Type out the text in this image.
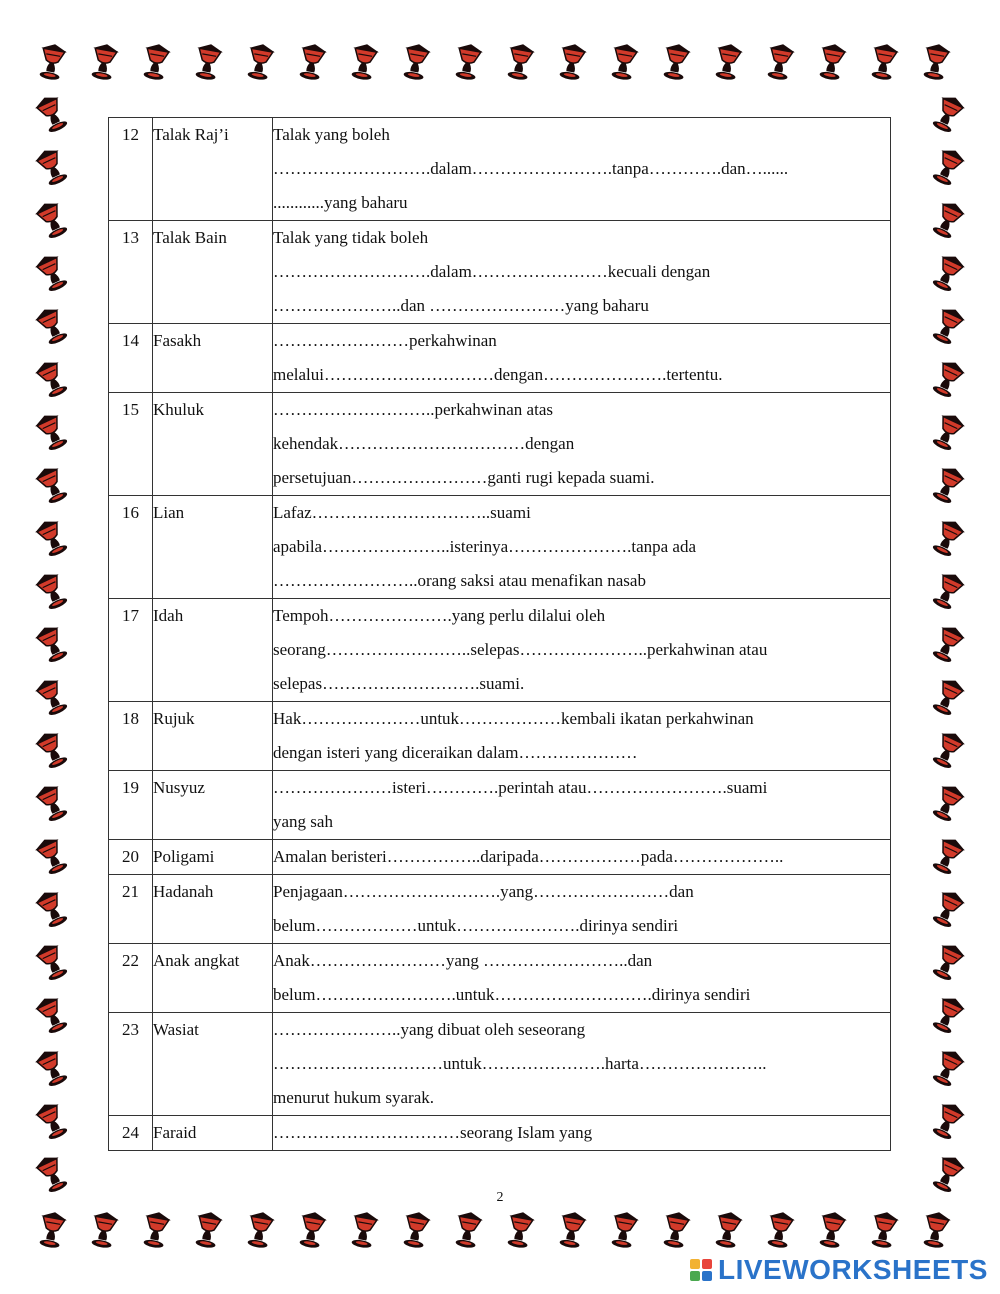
12	Talak Raj’i	Talak yang boleh
……………………….dalam…………………….tanpa………….dan…......
............yang baharu

13	Talak Bain	Talak yang tidak boleh
……………………….dalam……………………kecuali dengan
…………………..dan ……………………yang baharu

14	Fasakh	……………………perkahwinan
melalui…………………………dengan………………….tertentu.

15	Khuluk	………………………..perkahwinan atas
kehendak……………………………dengan
persetujuan……………………ganti rugi kepada suami.

16	Lian	Lafaz…………………………..suami
apabila…………………..isterinya………………….tanpa ada
……………………..orang saksi atau menafikan nasab

17	Idah	Tempoh………………….yang perlu dilalui oleh
seorang……………………..selepas…………………..perkahwinan atau
selepas……………………….suami.

18	Rujuk	Hak…………………untuk………………kembali ikatan perkahwinan
dengan isteri yang diceraikan dalam…………………

19	Nusyuz	…………………isteri………….perintah atau…………………….suami
yang sah

20	Poligami	Amalan beristeri……………..daripada………………pada………………..

21	Hadanah	Penjagaan……………………….yang……………………dan
belum………………untuk………………….dirinya sendiri

22	Anak angkat	Anak……………………yang ……………………..dan
belum…………………….untuk……………………….dirinya sendiri

23	Wasiat	…………………..yang dibuat oleh seseorang
…………………………untuk………………….harta…………………..
menurut hukum syarak.

24	Faraid	……………………………seorang Islam yang
2
LIVEWORKSHEETS
